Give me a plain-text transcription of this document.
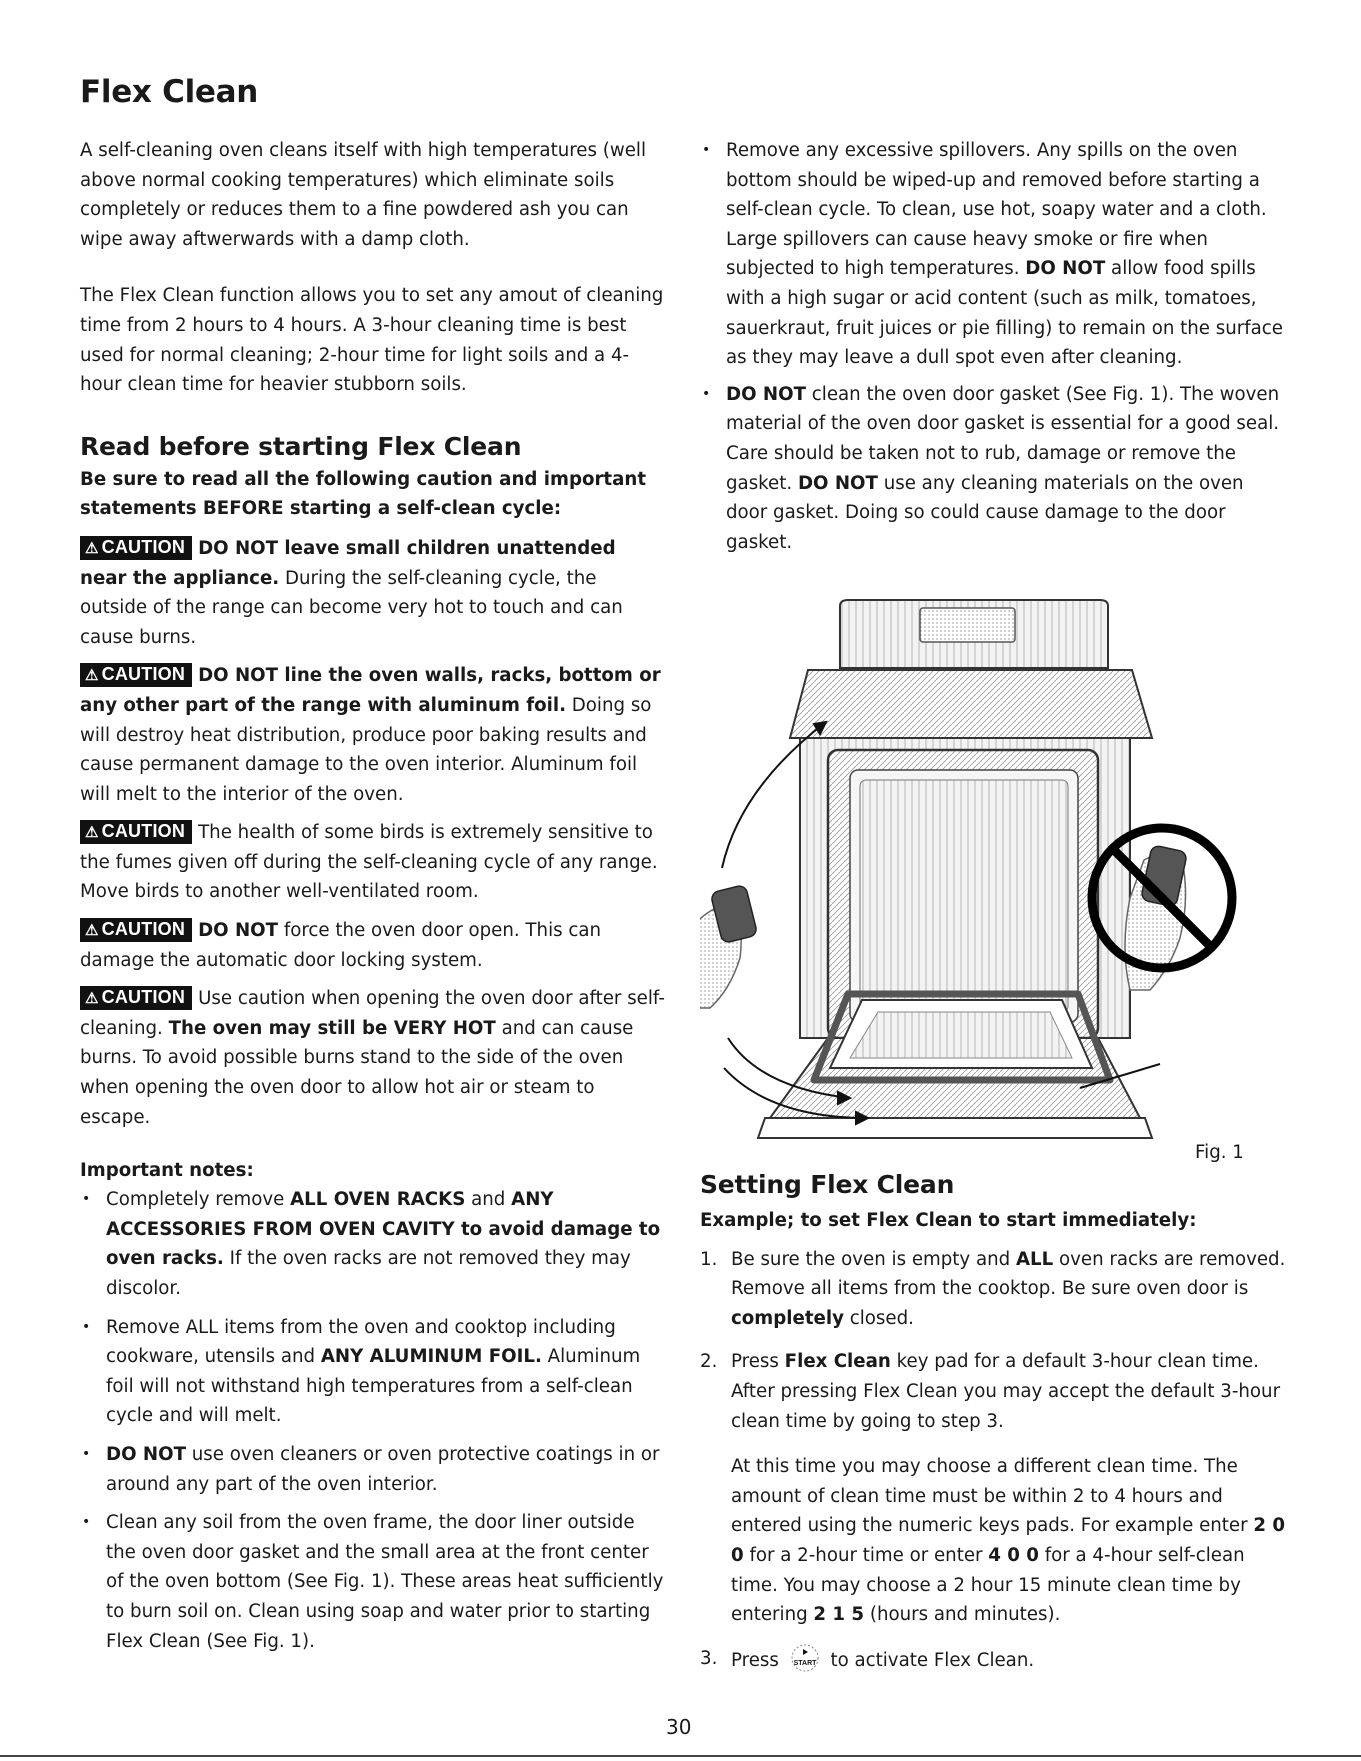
Flex Clean

A self-cleaning oven cleans itself with high temperatures (well above normal cooking temperatures) which eliminate soils completely or reduces them to a fine powdered ash you can wipe away aftwerwards with a damp cloth.

The Flex Clean function allows you to set any amout of cleaning time from 2 hours to 4 hours. A 3-hour cleaning time is best used for normal cleaning; 2-hour time for light soils and a 4-hour clean time for heavier stubborn soils.

Read before starting Flex Clean

Be sure to read all the following caution and important statements BEFORE starting a self-clean cycle:

⚠ CAUTION DO NOT leave small children unattended near the appliance. During the self-cleaning cycle, the outside of the range can become very hot to touch and can cause burns.

⚠ CAUTION DO NOT line the oven walls, racks, bottom or any other part of the range with aluminum foil. Doing so will destroy heat distribution, produce poor baking results and cause permanent damage to the oven interior. Aluminum foil will melt to the interior of the oven.

⚠ CAUTION The health of some birds is extremely sensitive to the fumes given off during the self-cleaning cycle of any range. Move birds to another well-ventilated room.

⚠ CAUTION DO NOT force the oven door open. This can damage the automatic door locking system.

⚠ CAUTION Use caution when opening the oven door after self-cleaning. The oven may still be VERY HOT and can cause burns. To avoid possible burns stand to the side of the oven when opening the oven door to allow hot air or steam to escape.

Important notes:

• Completely remove ALL OVEN RACKS and ANY ACCESSORIES FROM OVEN CAVITY to avoid damage to oven racks. If the oven racks are not removed they may discolor.
• Remove ALL items from the oven and cooktop including cookware, utensils and ANY ALUMINUM FOIL. Aluminum foil will not withstand high temperatures from a self-clean cycle and will melt.
• DO NOT use oven cleaners or oven protective coatings in or around any part of the oven interior.
• Clean any soil from the oven frame, the door liner outside the oven door gasket and the small area at the front center of the oven bottom (See Fig. 1). These areas heat sufficiently to burn soil on. Clean using soap and water prior to starting Flex Clean (See Fig. 1).
• Remove any excessive spillovers. Any spills on the oven bottom should be wiped-up and removed before starting a self-clean cycle. To clean, use hot, soapy water and a cloth. Large spillovers can cause heavy smoke or fire when subjected to high temperatures. DO NOT allow food spills with a high sugar or acid content (such as milk, tomatoes, sauerkraut, fruit juices or pie filling) to remain on the surface as they may leave a dull spot even after cleaning.
• DO NOT clean the oven door gasket (See Fig. 1). The woven material of the oven door gasket is essential for a good seal. Care should be taken not to rub, damage or remove the gasket. DO NOT use any cleaning materials on the oven door gasket. Doing so could cause damage to the door gasket.
Fig. 1
Setting Flex Clean

Example; to set Flex Clean to start immediately:

1. Be sure the oven is empty and ALL oven racks are removed. Remove all items from the cooktop. Be sure oven door is completely closed.
2. Press Flex Clean key pad for a default 3-hour clean time. After pressing Flex Clean you may accept the default 3-hour clean time by going to step 3.

At this time you may choose a different clean time. The amount of clean time must be within 2 to 4 hours and entered using the numeric keys pads. For example enter 2 0 0 for a 2-hour time or enter 4 0 0 for a 4-hour self-clean time. You may choose a 2 hour 15 minute clean time by entering 2 1 5 (hours and minutes).

3. Press START to activate Flex Clean.
30
